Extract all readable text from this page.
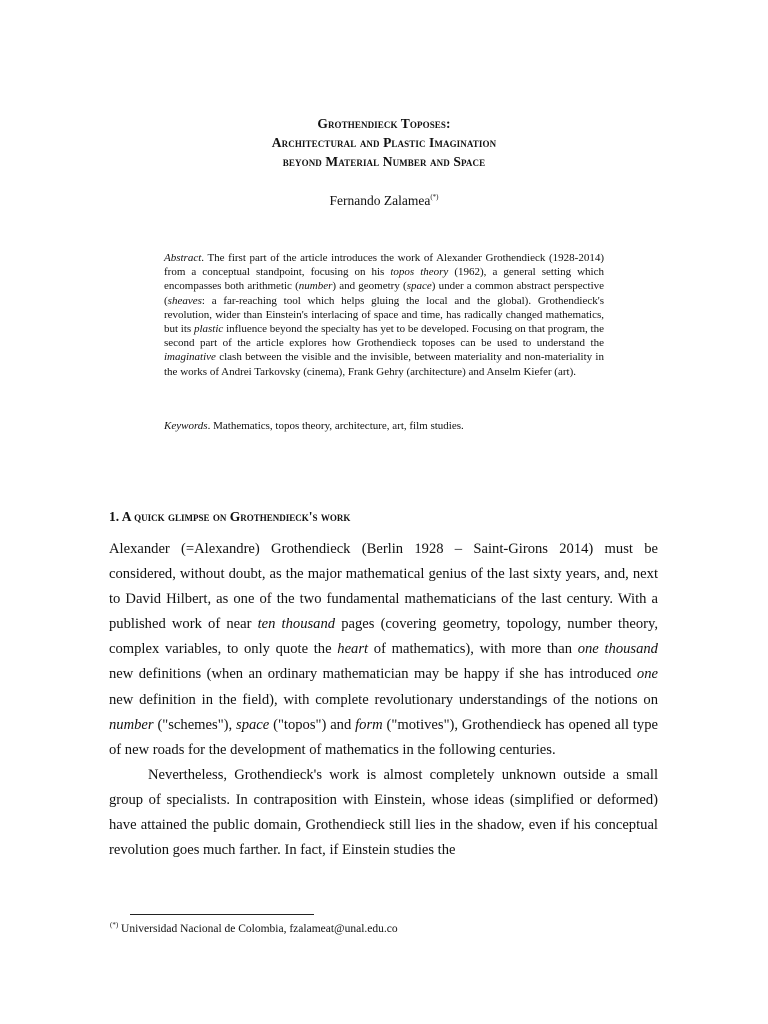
Grothendieck Toposes:
Architectural and Plastic Imagination
beyond Material Number and Space
Fernando Zalamea(*)
Abstract. The first part of the article introduces the work of Alexander Grothendieck (1928-2014) from a conceptual standpoint, focusing on his topos theory (1962), a general setting which encompasses both arithmetic (number) and geometry (space) under a common abstract perspective (sheaves: a far-reaching tool which helps gluing the local and the global). Grothendieck's revolution, wider than Einstein's interlacing of space and time, has radically changed mathematics, but its plastic influence beyond the specialty has yet to be developed. Focusing on that program, the second part of the article explores how Grothendieck toposes can be used to understand the imaginative clash between the visible and the invisible, between materiality and non-materiality in the works of Andrei Tarkovsky (cinema), Frank Gehry (architecture) and Anselm Kiefer (art).
Keywords. Mathematics, topos theory, architecture, art, film studies.
1. A quick glimpse on Grothendieck's work

Alexander (=Alexandre) Grothendieck (Berlin 1928 – Saint-Girons 2014) must be considered, without doubt, as the major mathematical genius of the last sixty years, and, next to David Hilbert, as one of the two fundamental mathematicians of the last century. With a published work of near ten thousand pages (covering geometry, topology, number theory, complex variables, to only quote the heart of mathematics), with more than one thousand new definitions (when an ordinary mathematician may be happy if she has introduced one new definition in the field), with complete revolutionary understandings of the notions on number ("schemes"), space ("topos") and form ("motives"), Grothendieck has opened all type of new roads for the development of mathematics in the following centuries.

Nevertheless, Grothendieck's work is almost completely unknown outside a small group of specialists. In contraposition with Einstein, whose ideas (simplified or deformed) have attained the public domain, Grothendieck still lies in the shadow, even if his conceptual revolution goes much farther. In fact, if Einstein studies the

(*) Universidad Nacional de Colombia, fzalameat@unal.edu.co
